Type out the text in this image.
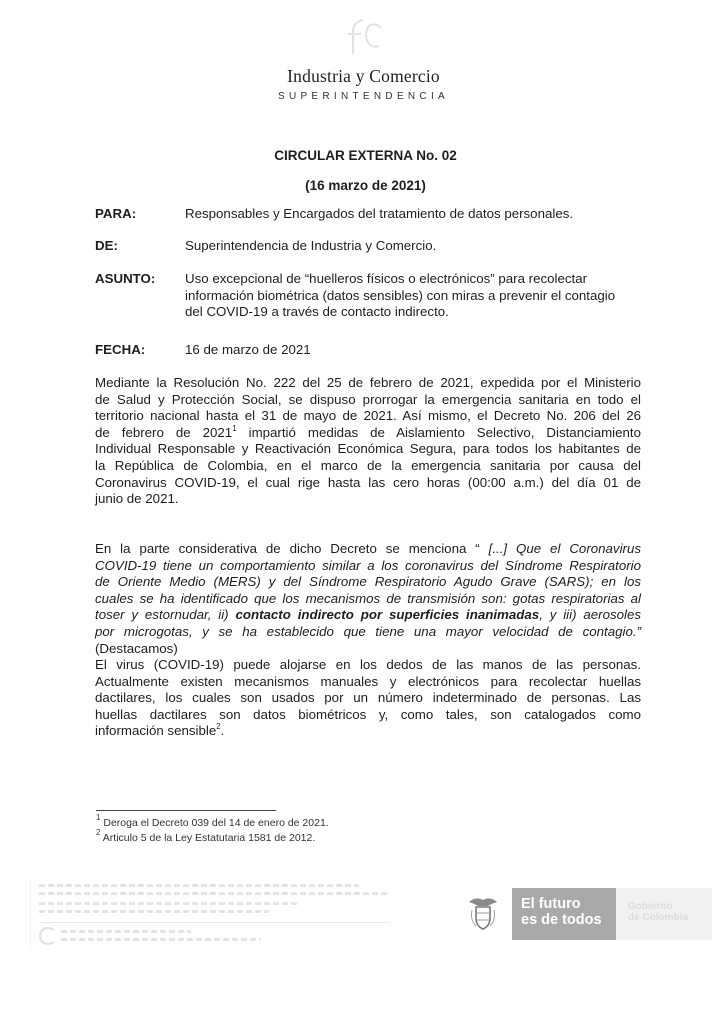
Industria y Comercio
SUPERINTENDENCIA
CIRCULAR EXTERNA No. 02
(16 marzo de 2021)
PARA:	Responsables y Encargados del tratamiento de datos personales.
DE:	Superintendencia de Industria y Comercio.
ASUNTO:	Uso excepcional de “huelleros físicos o electrónicos” para recolectar
información biométrica (datos sensibles) con miras a prevenir el contagio
del COVID-19 a través de contacto indirecto.
FECHA:	16 de marzo de 2021
Mediante la Resolución No. 222 del 25 de febrero de 2021, expedida por el Ministerio
de Salud y Protección Social, se dispuso prorrogar la emergencia sanitaria en todo el
territorio nacional hasta el 31 de mayo de 2021. Así mismo, el Decreto No. 206 del 26
de febrero de 2021$^1$ impartió medidas de Aislamiento Selectivo, Distanciamiento
Individual Responsable y Reactivación Económica Segura, para todos los habitantes de
la República de Colombia, en el marco de la emergencia sanitaria por causa del
Coronavirus COVID-19, el cual rige hasta las cero horas (00:00 a.m.) del día 01 de
junio de 2021.
En la parte considerativa de dicho Decreto se menciona “ [...] Que el Coronavirus
COVID-19 tiene un comportamiento similar a los coronavirus del Síndrome Respiratorio
de Oriente Medio (MERS) y del Síndrome Respiratorio Agudo Grave (SARS); en los
cuales se ha identificado que los mecanismos de transmisión son: gotas respiratorias al
toser y estornudar, ii) contacto indirecto por superficies inanimadas, y iii) aerosoles
por microgotas, y se ha establecido que tiene una mayor velocidad de contagio.”
(Destacamos)
El virus (COVID-19) puede alojarse en los dedos de las manos de las personas.
Actualmente existen mecanismos manuales y electrónicos para recolectar huellas
dactilares, los cuales son usados por un número indeterminado de personas. Las
huellas dactilares son datos biométricos y, como tales, son catalogados como
información sensible$^2$.
$^1$ Deroga el Decreto 039 del 14 de enero de 2021.
$^2$ Articulo 5 de la Ley Estatutaria 1581 de 2012.
El futuro
es de todos
Gobierno
de Colombia
